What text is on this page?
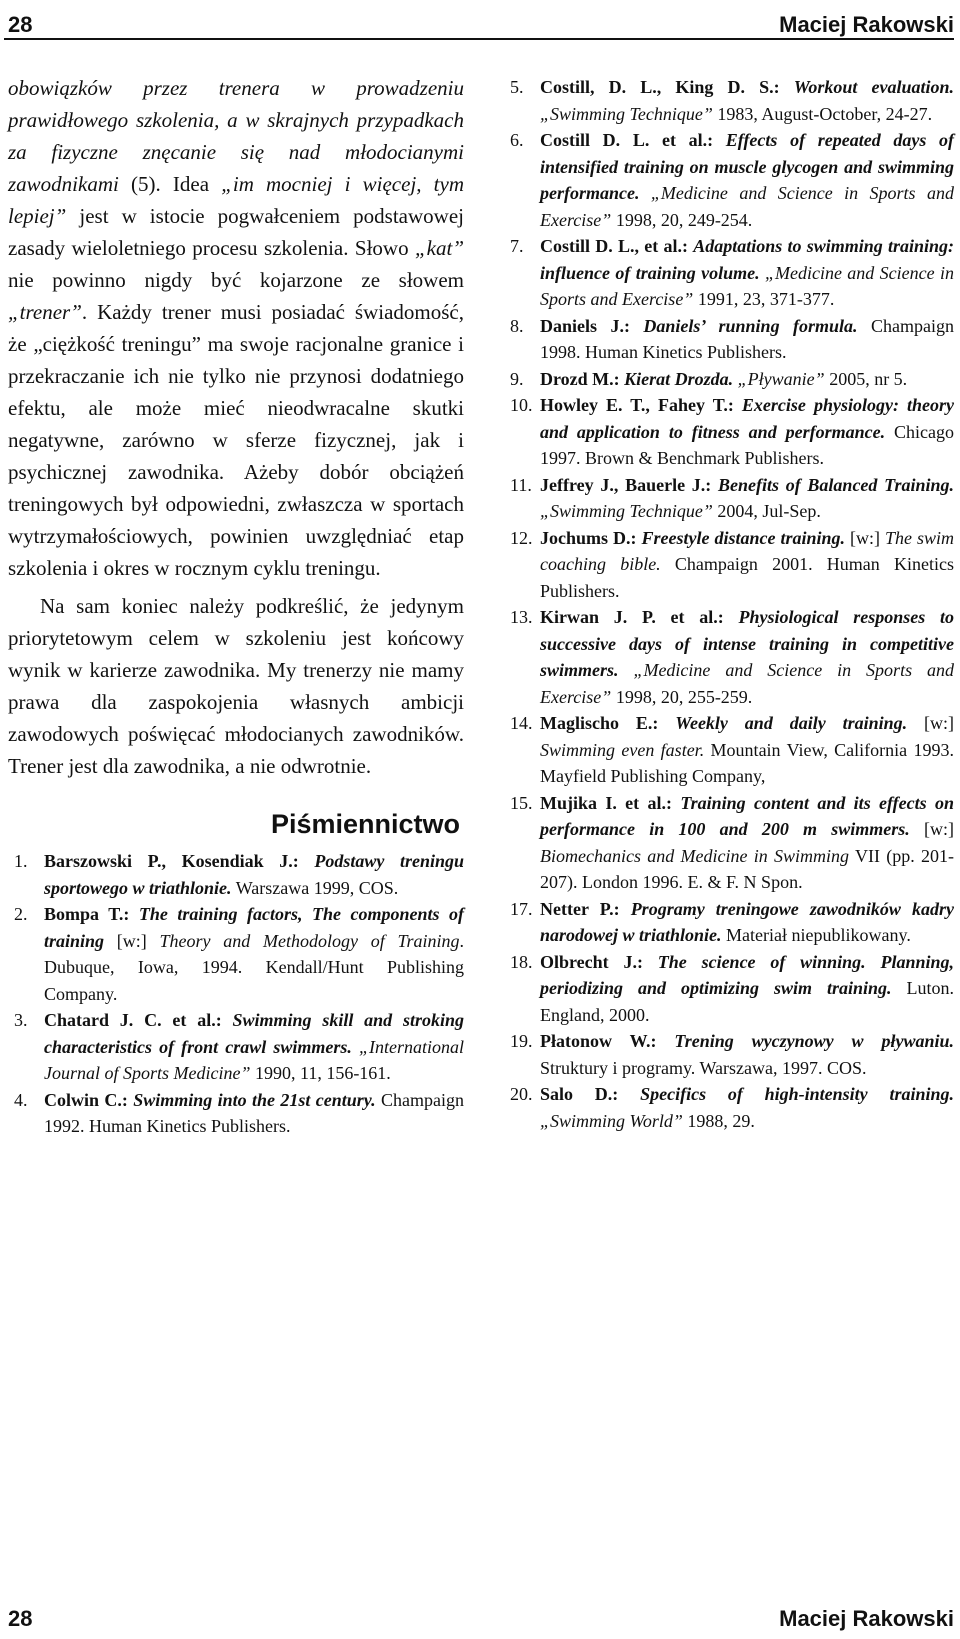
28	Maciej Rakowski

obowiązków przez trenera w prowadzeniu prawidłowego szkolenia, a w skrajnych przypadkach za fizyczne znęcanie się nad młodocianymi zawodnikami (5). Idea „im mocniej i więcej, tym lepiej” jest w istocie pogwałceniem podstawowej zasady wieloletniego procesu szkolenia. Słowo „kat” nie powinno nigdy być kojarzone ze słowem „trener”. Każdy trener musi posiadać świadomość, że „ciężkość treningu” ma swoje racjonalne granice i przekraczanie ich nie tylko nie przynosi dodatniego efektu, ale może mieć nieodwracalne skutki negatywne, zarówno w sferze fizycznej, jak i psychicznej zawodnika. Ażeby dobór obciążeń treningowych był odpowiedni, zwłaszcza w sportach wytrzymałościowych, powinien uwzględniać etap szkolenia i okres w rocznym cyklu treningu.

Na sam koniec należy podkreślić, że jedynym priorytetowym celem w szkoleniu jest końcowy wynik w karierze zawodnika. My trenerzy nie mamy prawa dla zaspokojenia własnych ambicji zawodowych poświęcać młodocianych zawodników. Trener jest dla zawodnika, a nie odwrotnie.

Piśmiennictwo
1. Barszowski P., Kosendiak J.: Podstawy treningu sportowego w triathlonie. Warszawa 1999, COS.
2. Bompa T.: The training factors, The components of training [w:] Theory and Methodology of Training. Dubuque, Iowa, 1994. Kendall/Hunt Publishing Company.
3. Chatard J. C. et al.: Swimming skill and stroking characteristics of front crawl swimmers. „International Journal of Sports Medicine” 1990, 11, 156-161.
4. Colwin C.: Swimming into the 21st century. Champaign 1992. Human Kinetics Publishers.
5. Costill, D. L., King D. S.: Workout evaluation. „Swimming Technique” 1983, August-October, 24-27.
6. Costill D. L. et al.: Effects of repeated days of intensified training on muscle glycogen and swimming performance. „Medicine and Science in Sports and Exercise” 1998, 20, 249-254.
7. Costill D. L., et al.: Adaptations to swimming training: influence of training volume. „Medicine and Science in Sports and Exercise” 1991, 23, 371-377.
8. Daniels J.: Daniels’ running formula. Champaign 1998. Human Kinetics Publishers.
9. Drozd M.: Kierat Drozda. „Pływanie” 2005, nr 5.
10. Howley E. T., Fahey T.: Exercise physiology: theory and application to fitness and performance. Chicago 1997. Brown & Benchmark Publishers.
11. Jeffrey J., Bauerle J.: Benefits of Balanced Training. „Swimming Technique” 2004, Jul-Sep.
12. Jochums D.: Freestyle distance training. [w:] The swim coaching bible. Champaign 2001. Human Kinetics Publishers.
13. Kirwan J. P. et al.: Physiological responses to successive days of intense training in competitive swimmers. „Medicine and Science in Sports and Exercise” 1998, 20, 255-259.
14. Maglischo E.: Weekly and daily training. [w:] Swimming even faster. Mountain View, California 1993. Mayfield Publishing Company,
15. Mujika I. et al.: Training content and its effects on performance in 100 and 200 m swimmers. [w:] Biomechanics and Medicine in Swimming VII (pp. 201-207). London 1996. E. & F. N Spon.
17. Netter P.: Programy treningowe zawodników kadry narodowej w triathlonie. Materiał niepublikowany.
18. Olbrecht J.: The science of winning. Planning, periodizing and optimizing swim training. Luton. England, 2000.
19. Płatonow W.: Trening wyczynowy w pływaniu. Struktury i programy. Warszawa, 1997. COS.
20. Salo D.: Specifics of high-intensity training. „Swimming World” 1988, 29.
28	Maciej Rakowski
